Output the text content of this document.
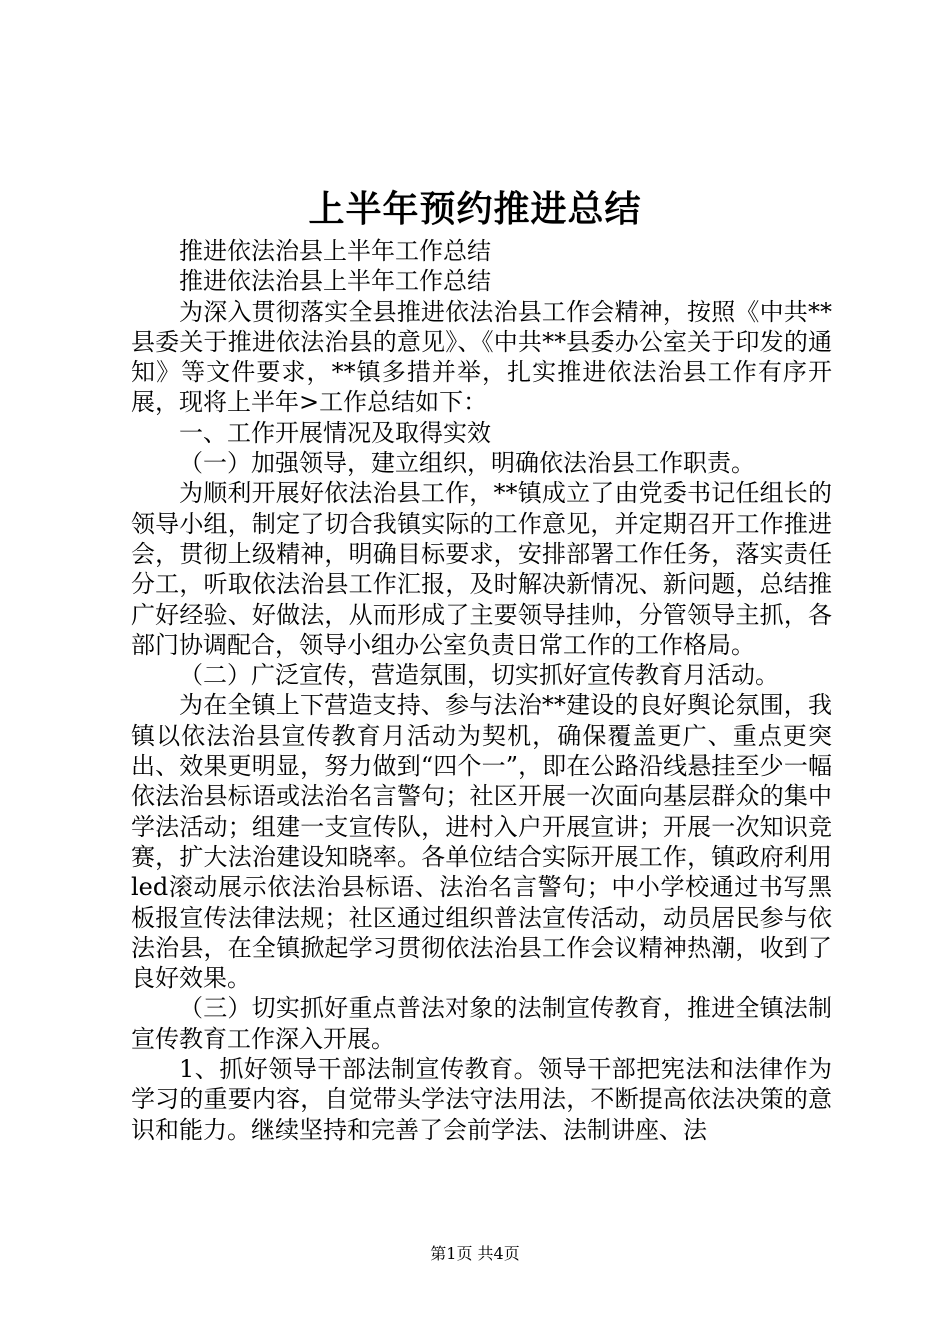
上半年预约推进总结

推进依法治县上半年工作总结

推进依法治县上半年工作总结

为深入贯彻落实全县推进依法治县工作会精神，按照《中共**县委关于推进依法治县的意见》、《中共**县委办公室关于印发的通知》等文件要求，**镇多措并举，扎实推进依法治县工作有序开展，现将上半年>工作总结如下：

一、工作开展情况及取得实效

（一）加强领导，建立组织，明确依法治县工作职责。

为顺利开展好依法治县工作，**镇成立了由党委书记任组长的领导小组，制定了切合我镇实际的工作意见，并定期召开工作推进会，贯彻上级精神，明确目标要求，安排部署工作任务，落实责任分工，听取依法治县工作汇报，及时解决新情况、新问题，总结推广好经验、好做法，从而形成了主要领导挂帅，分管领导主抓，各部门协调配合，领导小组办公室负责日常工作的工作格局。

（二）广泛宣传，营造氛围，切实抓好宣传教育月活动。

为在全镇上下营造支持、参与法治**建设的良好舆论氛围，我镇以依法治县宣传教育月活动为契机，确保覆盖更广、重点更突出、效果更明显，努力做到“四个一”，即在公路沿线悬挂至少一幅依法治县标语或法治名言警句；社区开展一次面向基层群众的集中学法活动；组建一支宣传队，进村入户开展宣讲；开展一次知识竞赛，扩大法治建设知晓率。各单位结合实际开展工作，镇政府利用led滚动展示依法治县标语、法治名言警句；中小学校通过书写黑板报宣传法律法规；社区通过组织普法宣传活动，动员居民参与依法治县，在全镇掀起学习贯彻依法治县工作会议精神热潮，收到了良好效果。

（三）切实抓好重点普法对象的法制宣传教育，推进全镇法制宣传教育工作深入开展。

1、抓好领导干部法制宣传教育。领导干部把宪法和法律作为学习的重要内容，自觉带头学法守法用法，不断提高依法决策的意识和能力。继续坚持和完善了会前学法、法制讲座、法

第1页 共4页
